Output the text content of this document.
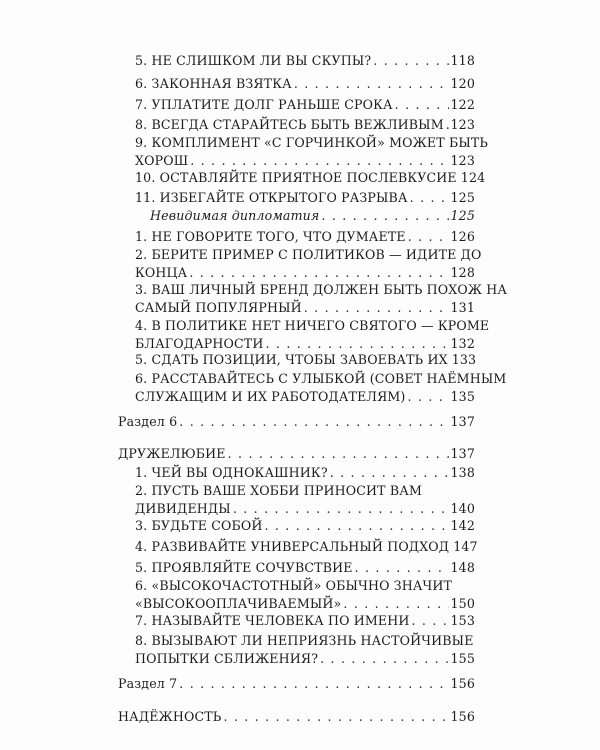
5. НЕ СЛИШКОМ ЛИ ВЫ СКУПЫ? . . .	118
6. ЗАКОННАЯ ВЗЯТКА . . .	120
7. УПЛАТИТЕ ДОЛГ РАНЬШЕ СРОКА . . .	122
8. ВСЕГДА СТАРАЙТЕСЬ БЫТЬ ВЕЖЛИВЫМ . . . 123
9. КОМПЛИМЕНТ «С ГОРЧИНКОЙ» МОЖЕТ БЫТЬ
ХОРОШ . . .	123
10. ОСТАВЛЯЙТЕ ПРИЯТНОЕ ПОСЛЕВКУСИЕ 124
11. ИЗБЕГАЙТЕ ОТКРЫТОГО РАЗРЫВА . . .	125
Невидимая дипломатия . . .	125
1. НЕ ГОВОРИТЕ ТОГО, ЧТО ДУМАЕТЕ . . .	126
2. БЕРИТЕ ПРИМЕР С ПОЛИТИКОВ — ИДИТЕ ДО
КОНЦА . . .	128
3. ВАШ ЛИЧНЫЙ БРЕНД ДОЛЖЕН БЫТЬ ПОХОЖ НА
САМЫЙ ПОПУЛЯРНЫЙ . . .	131
4. В ПОЛИТИКЕ НЕТ НИЧЕГО СВЯТОГО — КРОМЕ
БЛАГОДАРНОСТИ . . .	132
5. СДАТЬ ПОЗИЦИИ, ЧТОБЫ ЗАВОЕВАТЬ ИХ 133
6. РАССТАВАЙТЕСЬ С УЛЫБКОЙ (СОВЕТ НАЁМНЫМ
СЛУЖАЩИМ И ИХ РАБОТОДАТЕЛЯМ) . . .	135
Раздел 6 . . .	137
ДРУЖЕЛЮБИЕ . . .	137
1. ЧЕЙ ВЫ ОДНОКАШНИК? . . .	138
2. ПУСТЬ ВАШЕ ХОББИ ПРИНОСИТ ВАМ
ДИВИДЕНДЫ . . .	140
3. БУДЬТЕ СОБОЙ . . .	142
4. РАЗВИВАЙТЕ УНИВЕРСАЛЬНЫЙ ПОДХОД 147
5. ПРОЯВЛЯЙТЕ СОЧУВСТВИЕ . . .	148
6. «ВЫСОКОЧАСТОТНЫЙ» ОБЫЧНО ЗНАЧИТ
«ВЫСОКООПЛАЧИВАЕМЫЙ» . . .	150
7. НАЗЫВАЙТЕ ЧЕЛОВЕКА ПО ИМЕНИ . . .	153
8. ВЫЗЫВАЮТ ЛИ НЕПРИЯЗНЬ НАСТОЙЧИВЫЕ
ПОПЫТКИ СБЛИЖЕНИЯ? . . .	155
Раздел 7 . . .	156
НАДЁЖНОСТЬ . . .	156
